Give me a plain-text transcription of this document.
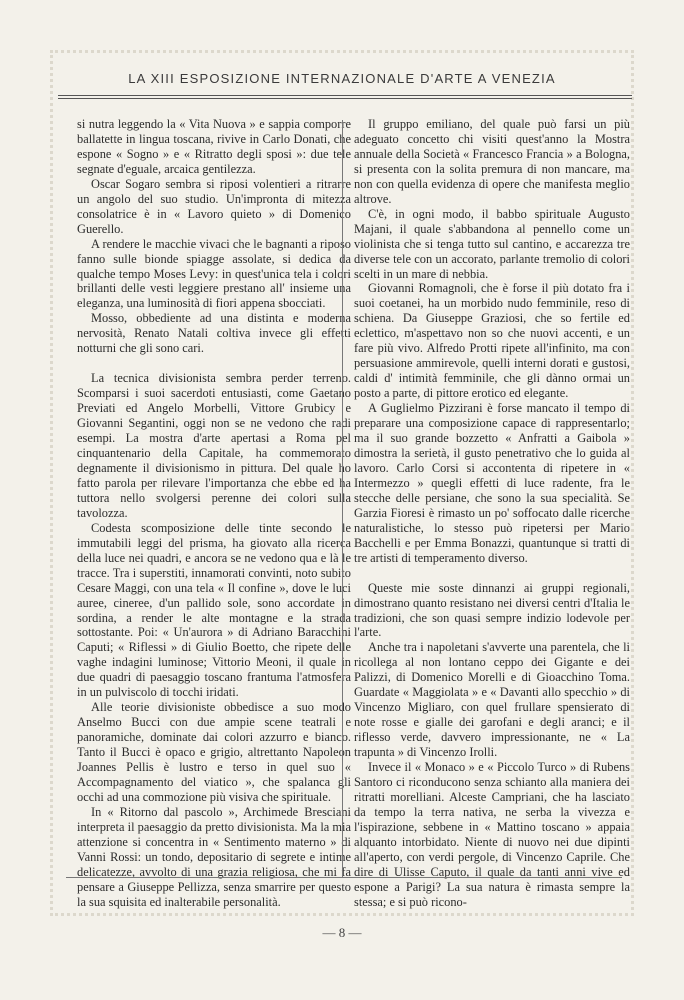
LA XIII ESPOSIZIONE INTERNAZIONALE D'ARTE A VENEZIA

si nutra leggendo la « Vita Nuova » e sappia comporre ballatette in lingua toscana, rivive in Carlo Donati, che espone « Sogno » e « Ritratto degli sposi »: due tele segnate d'eguale, arcaica gentilezza.

Oscar Sogaro sembra si riposi volentieri a ritrarre un angolo del suo studio. Un'impronta di mitezza consolatrice è in « Lavoro quieto » di Domenico Guerello.

A rendere le macchie vivaci che le bagnanti a riposo fanno sulle bionde spiagge assolate, si dedica da qualche tempo Moses Levy: in quest'unica tela i colori brillanti delle vesti leggiere prestano all' insieme una eleganza, una luminosità di fiori appena sbocciati.

Mosso, obbediente ad una distinta e moderna nervosità, Renato Natali coltiva invece gli effetti notturni che gli sono cari.

La tecnica divisionista sembra perder terreno. Scomparsi i suoi sacerdoti entusiasti, come Gaetano Previati ed Angelo Morbelli, Vittore Grubicy e Giovanni Segantini, oggi non se ne vedono che radi esempi. La mostra d'arte apertasi a Roma pel cinquantenario della Capitale, ha commemorato degnamente il divisionismo in pittura. Del quale ho fatto parola per rilevare l'importanza che ebbe ed ha tuttora nello svolgersi perenne dei colori sulla tavolozza.

Codesta scomposizione delle tinte secondo le immutabili leggi del prisma, ha giovato alla ricerca della luce nei quadri, e ancora se ne vedono qua e là le tracce. Tra i superstiti, innamorati convinti, noto subito Cesare Maggi, con una tela « Il confine », dove le luci auree, cineree, d'un pallido sole, sono accordate in sordina, a render le alte montagne e la strada sottostante. Poi: « Un'aurora » di Adriano Baracchini Caputi; « Riflessi » di Giulio Boetto, che ripete delle vaghe indagini luminose; Vittorio Meoni, il quale in due quadri di paesaggio toscano frantuma l'atmosfera in un pulviscolo di tocchi iridati.

Alle teorie divisioniste obbedisce a suo modo Anselmo Bucci con due ampie scene teatrali e panoramiche, dominate dai colori azzurro e bianco. Tanto il Bucci è opaco e grigio, altrettanto Napoleon Joannes Pellis è lustro e terso in quel suo « Accompagnamento del viatico », che spalanca gli occhi ad una commozione più visiva che spirituale.

In « Ritorno dal pascolo », Archimede Bresciani interpreta il paesaggio da pretto divisionista. Ma la mia attenzione si concentra in « Sentimento materno » di Vanni Rossi: un tondo, depositario di segrete e intime delicatezze, avvolto di una grazia religiosa, che mi fa pensare a Giuseppe Pellizza, senza smarrire per questo la sua squisita ed inalterabile personalità.

Il gruppo emiliano, del quale può farsi un più adeguato concetto chi visiti quest'anno la Mostra annuale della Società « Francesco Francia » a Bologna, si presenta con la solita premura di non mancare, ma non con quella evidenza di opere che manifesta meglio altrove.

C'è, in ogni modo, il babbo spirituale Augusto Majani, il quale s'abbandona al pennello come un violinista che si tenga tutto sul cantino, e accarezza tre diverse tele con un accorato, parlante tremolio di colori scelti in un mare di nebbia.

Giovanni Romagnoli, che è forse il più dotato fra i suoi coetanei, ha un morbido nudo femminile, reso di schiena. Da Giuseppe Graziosi, che so fertile ed eclettico, m'aspettavo non so che nuovi accenti, e un fare più vivo. Alfredo Protti ripete all'infinito, ma con persuasione ammirevole, quelli interni dorati e gustosi, caldi d' intimità femminile, che gli dànno ormai un posto a parte, di pittore erotico ed elegante.

A Guglielmo Pizzirani è forse mancato il tempo di preparare una composizione capace di rappresentarlo; ma il suo grande bozzetto « Anfratti a Gaibola » dimostra la serietà, il gusto penetrativo che lo guida al lavoro. Carlo Corsi si accontenta di ripetere in « Intermezzo » quegli effetti di luce radente, fra le stecche delle persiane, che sono la sua specialità. Se Garzia Fioresi è rimasto un po' soffocato dalle ricerche naturalistiche, lo stesso può ripetersi per Mario Bacchelli e per Emma Bonazzi, quantunque si tratti di tre artisti di temperamento diverso.

Queste mie soste dinnanzi ai gruppi regionali, dimostrano quanto resistano nei diversi centri d'Italia le tradizioni, che son quasi sempre indizio lodevole per l'arte.

Anche tra i napoletani s'avverte una parentela, che li ricollega al non lontano ceppo dei Gigante e dei Palizzi, di Domenico Morelli e di Gioacchino Toma. Guardate « Maggiolata » e « Davanti allo specchio » di Vincenzo Migliaro, con quel frullare spensierato di note rosse e gialle dei garofani e degli aranci; e il riflesso verde, davvero impressionante, ne « La trapunta » di Vincenzo Irolli.

Invece il « Monaco » e « Piccolo Turco » di Rubens Santoro ci riconducono senza schianto alla maniera dei ritratti morelliani. Alceste Campriani, che ha lasciato da tempo la terra nativa, ne serba la vivezza e l'ispirazione, sebbene in « Mattino toscano » appaia alquanto intorbidato. Niente di nuovo nei due dipinti all'aperto, con verdi pergole, di Vincenzo Caprile. Che dire di Ulisse Caputo, il quale da tanti anni vive ed espone a Parigi? La sua natura è rimasta sempre la stessa; e si può ricono-

— 8 —
